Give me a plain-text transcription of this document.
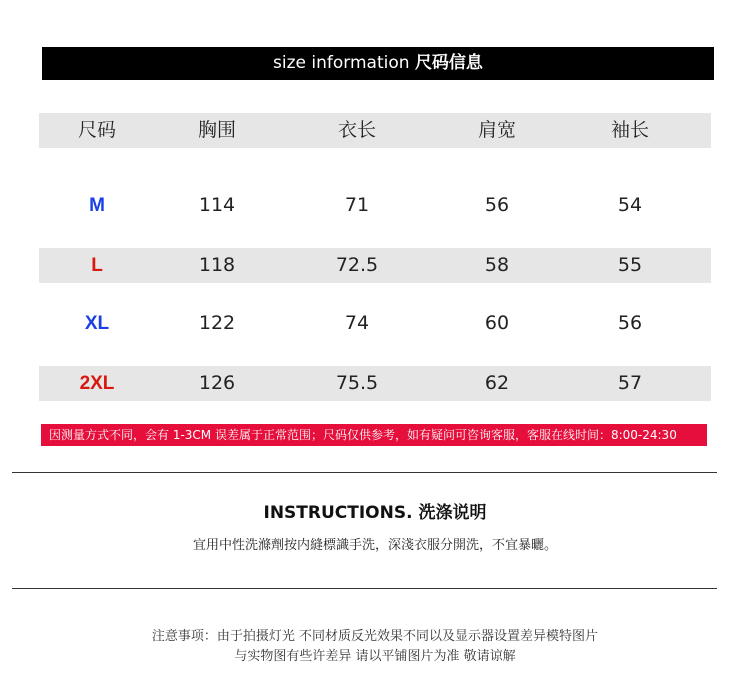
size information 尺码信息
尺码	胸围	衣长	肩宽	袖长
M	114	71	56	54
L	118	72.5	58	55
XL	122	74	60	56
2XL	126	75.5	62	57
因测量方式不同，会有 1-3CM 误差属于正常范围；尺码仅供参考，如有疑问可咨询客服，客服在线时间：8:00-24:30
INSTRUCTIONS. 洗涤说明
宜用中性洗滌劑按内縫標識手洗，深淺衣服分開洗，不宜暴曬。
注意事项：由于拍摄灯光 不同材质反光效果不同以及显示器设置差异模特图片
与实物图有些许差异 请以平铺图片为准 敬请谅解
